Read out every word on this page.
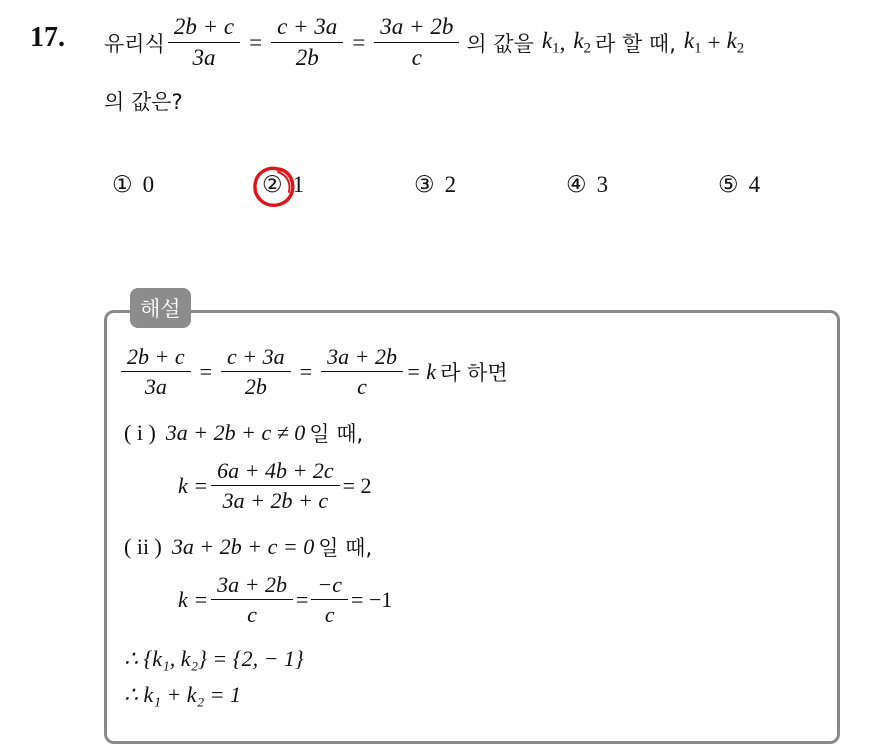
17. 유리식 $\frac{2b + c}{3a} = \frac{c + 3a}{2b} = \frac{3a + 2b}{c}$ 의 값을 $k_1$ , $k_2$ 라 할 때, $k_1 + k_2$
의 값은?
① 0	② 1	③ 2	④ 3	⑤ 4
해설
$\frac{2b + c}{3a} = \frac{c + 3a}{2b} = \frac{3a + 2b}{c} = k$ 라 하면
( i ) 3a + 2b + c ≠ 0 일 때,
$k = \frac{6a + 4b + 2c}{3a + 2b + c} = 2$
( ii ) 3a + 2b + c = 0 일 때,
$k = \frac{3a + 2b}{c} = \frac{-c}{c} = -1$
∴ {k₁, k₂} = {2, − 1}
∴ k₁ + k₂ = 1
